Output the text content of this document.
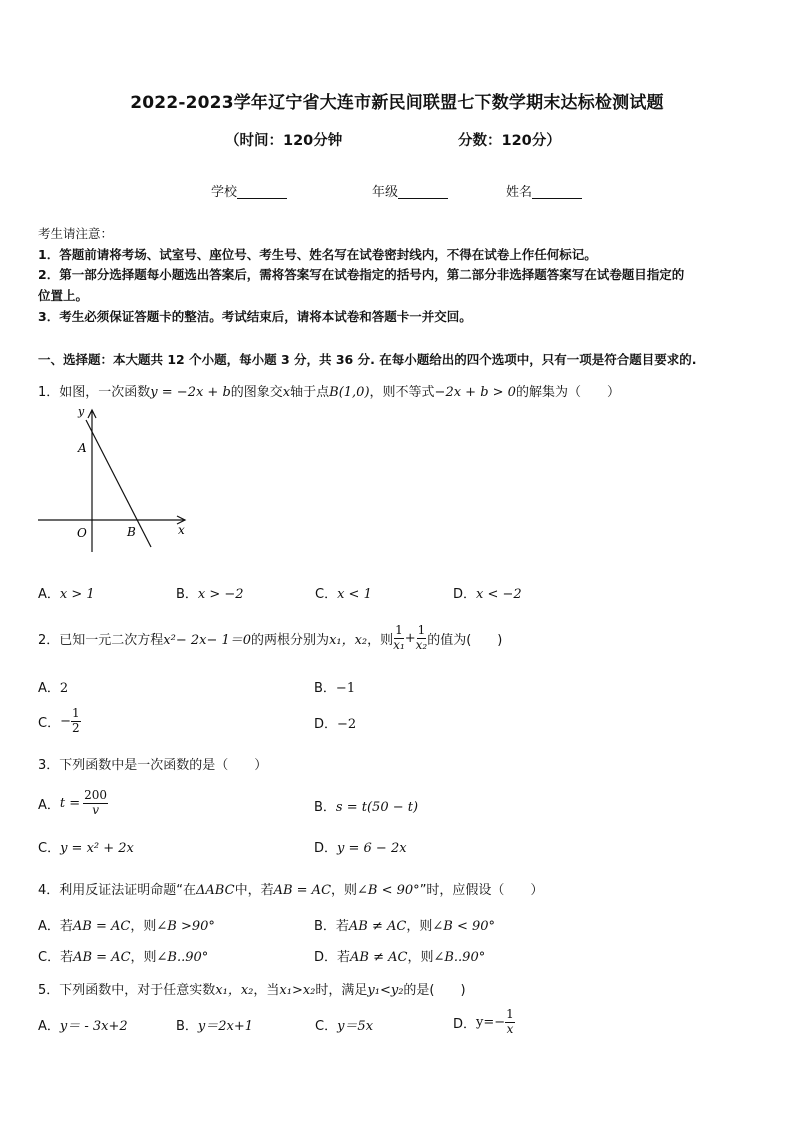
2022-2023学年辽宁省大连市新民间联盟七下数学期末达标检测试题
（时间：120分钟	分数：120分）
学校	年级	姓名
考生请注意：
1．答题前请将考场、试室号、座位号、考生号、姓名写在试卷密封线内，不得在试卷上作任何标记。
2．第一部分选择题每小题选出答案后，需将答案写在试卷指定的括号内，第二部分非选择题答案写在试卷题目指定的
位置上。
3．考生必须保证答题卡的整洁。考试结束后，请将本试卷和答题卡一并交回。
一、选择题：本大题共 12 个小题，每小题 3 分，共 36 分. 在每小题给出的四个选项中，只有一项是符合题目要求的.
1．如图，一次函数y = −2x + b的图象交x轴于点B(1,0)，则不等式−2x + b > 0的解集为（　　）
y
x
A
O	B
A．x > 1	B．x > −2	C．x < 1	D．x < −2
2． 已知一元二次方程 x²− 2x− 1＝0 的两根分别为 x₁，x₂ ，则 $\frac{1}{\text{x₁}} + \frac{1}{\text{x₂}}$ 的值为(　　)
A．2	B．−1
C． − $\frac{1}{2}$	D．−2
3．下列函数中是一次函数的是（　　）
A． $t = \frac{200}{v}$	B．s = t(50 − t)
C．y = x² + 2x	D．y = 6 − 2x
4．利用反证法证明命题“在ΔABC中，若AB = AC，则∠B < 90°”时，应假设（　　）
A．若AB = AC，则∠B >90°	B．若AB ≠ AC，则∠B < 90°
C．若AB = AC，则∠B..90°	D．若AB ≠ AC，则∠B..90°
5．下列函数中，对于任意实数x₁，x₂，当x₁>x₂时，满足y₁<y₂的是(　　)
A．y＝ - 3x+2	B．y＝2x+1	C．y＝5x	D． $y=- \frac{1}{x}$
